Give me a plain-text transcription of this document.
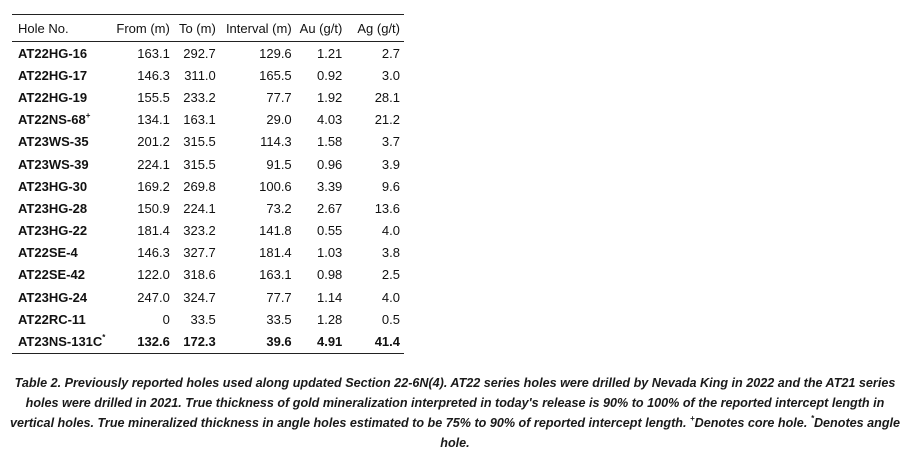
Hole No.	From (m)	To (m)	Interval (m)	Au (g/t)	Ag (g/t)
AT22HG-16	163.1	292.7	129.6	1.21	2.7
AT22HG-17	146.3	311.0	165.5	0.92	3.0
AT22HG-19	155.5	233.2	77.7	1.92	28.1
AT22NS-68+	134.1	163.1	29.0	4.03	21.2
AT23WS-35	201.2	315.5	114.3	1.58	3.7
AT23WS-39	224.1	315.5	91.5	0.96	3.9
AT23HG-30	169.2	269.8	100.6	3.39	9.6
AT23HG-28	150.9	224.1	73.2	2.67	13.6
AT23HG-22	181.4	323.2	141.8	0.55	4.0
AT22SE-4	146.3	327.7	181.4	1.03	3.8
AT22SE-42	122.0	318.6	163.1	0.98	2.5
AT23HG-24	247.0	324.7	77.7	1.14	4.0
AT22RC-11	0	33.5	33.5	1.28	0.5
AT23NS-131C*	132.6	172.3	39.6	4.91	41.4
Table 2. Previously reported holes used along updated Section 22-6N(4). AT22 series holes were drilled by Nevada King in 2022 and the AT21 series holes were drilled in 2021. True thickness of gold mineralization interpreted in today's release is 90% to 100% of the reported intercept length in vertical holes. True mineralized thickness in angle holes estimated to be 75% to 90% of reported intercept length. +Denotes core hole. *Denotes angle hole.
